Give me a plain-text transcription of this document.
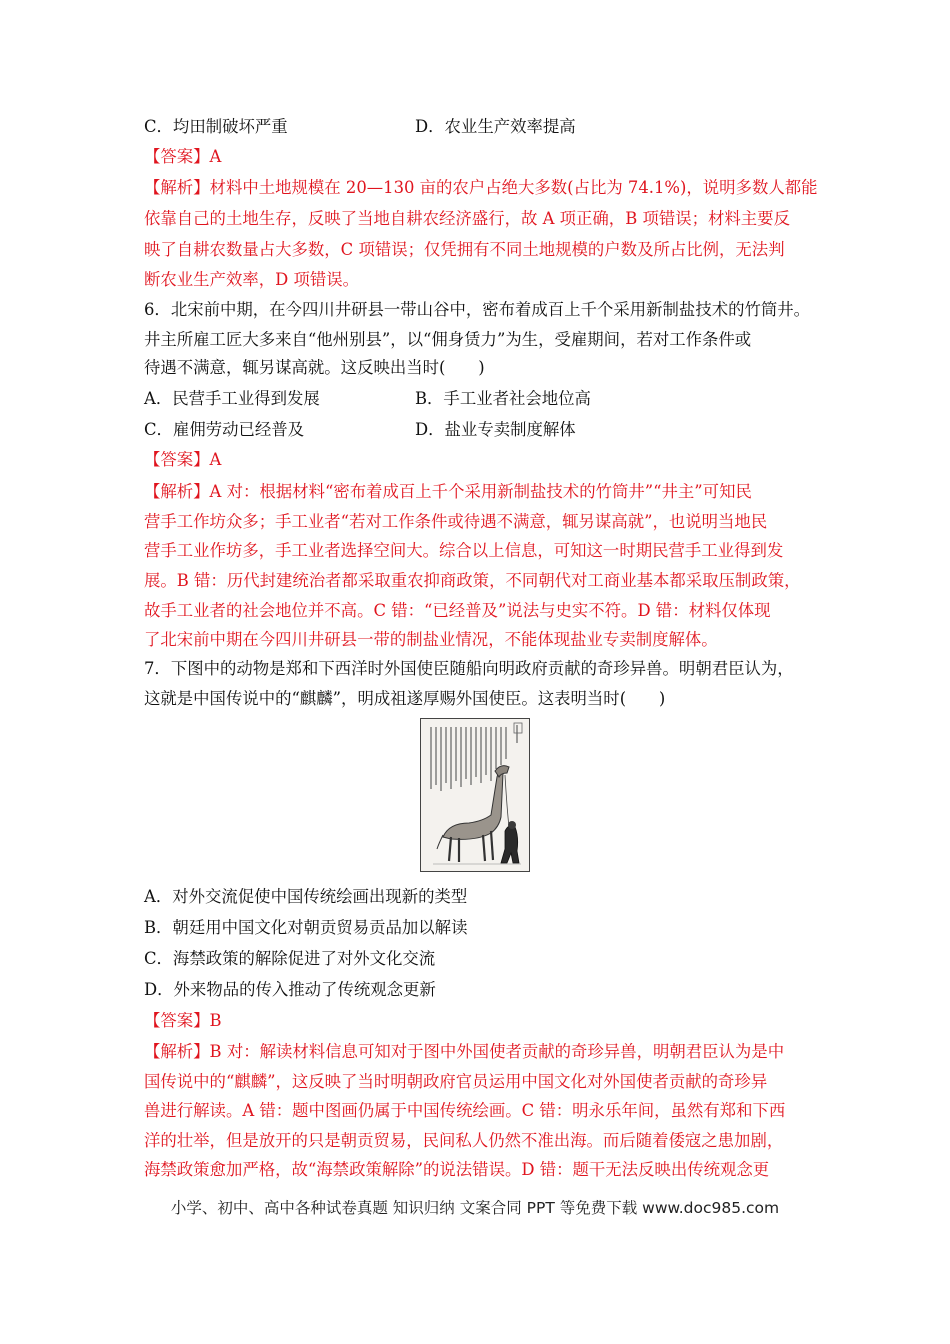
C．均田制破坏严重	D．农业生产效率提高
【答案】A
【解析】材料中土地规模在 20—130 亩的农户占绝大多数(占比为 74.1%)，说明多数人都能
依靠自己的土地生存，反映了当地自耕农经济盛行，故 A 项正确，B 项错误；材料主要反
映了自耕农数量占大多数，C 项错误；仅凭拥有不同土地规模的户数及所占比例，无法判
断农业生产效率，D 项错误。
6．北宋前中期，在今四川井研县一带山谷中，密布着成百上千个采用新制盐技术的竹筒井。
井主所雇工匠大多来自“他州别县”，以“佣身赁力”为生，受雇期间，若对工作条件或
待遇不满意，辄另谋高就。这反映出当时(　　)
A．民营手工业得到发展	B．手工业者社会地位高
C．雇佣劳动已经普及	D．盐业专卖制度解体
【答案】A
【解析】A 对：根据材料“密布着成百上千个采用新制盐技术的竹筒井”“井主”可知民
营手工作坊众多；手工业者“若对工作条件或待遇不满意，辄另谋高就”，也说明当地民
营手工业作坊多，手工业者选择空间大。综合以上信息，可知这一时期民营手工业得到发
展。B 错：历代封建统治者都采取重农抑商政策，不同朝代对工商业基本都采取压制政策，
故手工业者的社会地位并不高。C 错：“已经普及”说法与史实不符。D 错：材料仅体现
了北宋前中期在今四川井研县一带的制盐业情况，不能体现盐业专卖制度解体。
7．下图中的动物是郑和下西洋时外国使臣随船向明政府贡献的奇珍异兽。明朝君臣认为，
这就是中国传说中的“麒麟”，明成祖遂厚赐外国使臣。这表明当时(　　)
A．对外交流促使中国传统绘画出现新的类型
B．朝廷用中国文化对朝贡贸易贡品加以解读
C．海禁政策的解除促进了对外文化交流
D．外来物品的传入推动了传统观念更新
【答案】B
【解析】B 对：解读材料信息可知对于图中外国使者贡献的奇珍异兽，明朝君臣认为是中
国传说中的“麒麟”，这反映了当时明朝政府官员运用中国文化对外国使者贡献的奇珍异
兽进行解读。A 错：题中图画仍属于中国传统绘画。C 错：明永乐年间，虽然有郑和下西
洋的壮举，但是放开的只是朝贡贸易，民间私人仍然不准出海。而后随着倭寇之患加剧，
海禁政策愈加严格，故“海禁政策解除”的说法错误。D 错：题干无法反映出传统观念更
小学、初中、高中各种试卷真题 知识归纳 文案合同 PPT 等免费下载 www.doc985.com
